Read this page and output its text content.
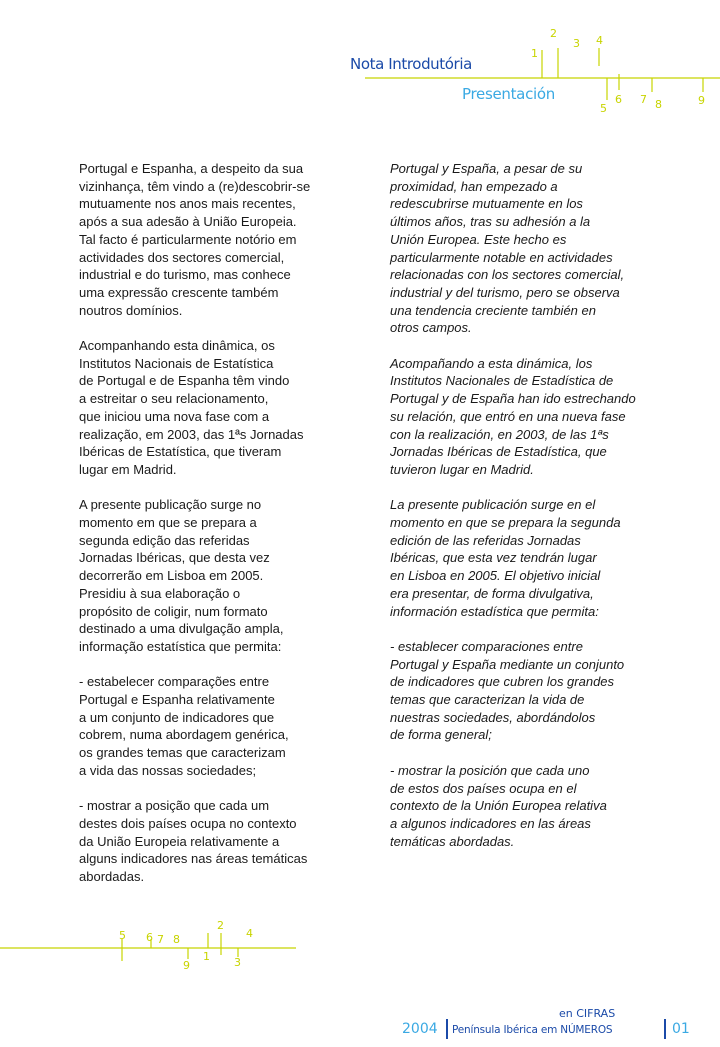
Nota Introdutória
Presentación
1
2
3 4
5
6 7 8	9

Portugal e Espanha, a despeito da sua
vizinhança, têm vindo a (re)descobrir-se
mutuamente nos anos mais recentes,
após a sua adesão à União Europeia.
Tal facto é particularmente notório em
actividades dos sectores comercial,
industrial e do turismo, mas conhece
uma expressão crescente também
noutros domínios.

Acompanhando esta dinâmica, os
Institutos Nacionais de Estatística
de Portugal e de Espanha têm vindo
a estreitar o seu relacionamento,
que iniciou uma nova fase com a
realização, em 2003, das 1ªs Jornadas
Ibéricas de Estatística, que tiveram
lugar em Madrid.

A presente publicação surge no
momento em que se prepara a
segunda edição das referidas
Jornadas Ibéricas, que desta vez
decorrerão em Lisboa em 2005.
Presidiu à sua elaboração o
propósito de coligir, num formato
destinado a uma divulgação ampla,
informação estatística que permita:

- estabelecer comparações entre
Portugal e Espanha relativamente
a um conjunto de indicadores que
cobrem, numa abordagem genérica,
os grandes temas que caracterizam
a vida das nossas sociedades;

- mostrar a posição que cada um
destes dois países ocupa no contexto
da União Europeia relativamente a
alguns indicadores nas áreas temáticas
abordadas.

Portugal y España, a pesar de su
proximidad, han empezado a
redescubrirse mutuamente en los
últimos años, tras su adhesión a la
Unión Europea. Este hecho es
particularmente notable en actividades
relacionadas con los sectores comercial,
industrial y del turismo, pero se observa
una tendencia creciente también en
otros campos.

Acompañando a esta dinámica, los
Institutos Nacionales de Estadística de
Portugal y de España han ido estrechando
su relación, que entró en una nueva fase
con la realización, en 2003, de las 1ªs
Jornadas Ibéricas de Estadística, que
tuvieron lugar en Madrid.

La presente publicación surge en el
momento en que se prepara la segunda
edición de las referidas Jornadas
Ibéricas, que esta vez tendrán lugar
en Lisboa en 2005. El objetivo inicial
era presentar, de forma divulgativa,
información estadística que permita:

- establecer comparaciones entre
Portugal y España mediante un conjunto
de indicadores que cubren los grandes
temas que caracterizan la vida de
nuestras sociedades, abordándolos
de forma general;

- mostrar la posición que cada uno
de estos dos países ocupa en el
contexto de la Unión Europea relativa
a algunos indicadores en las áreas
temáticas abordadas.

5 6 7 8
9
1
2
3
4
en CIFRAS
2004 Península Ibérica em NÚMEROS	01
